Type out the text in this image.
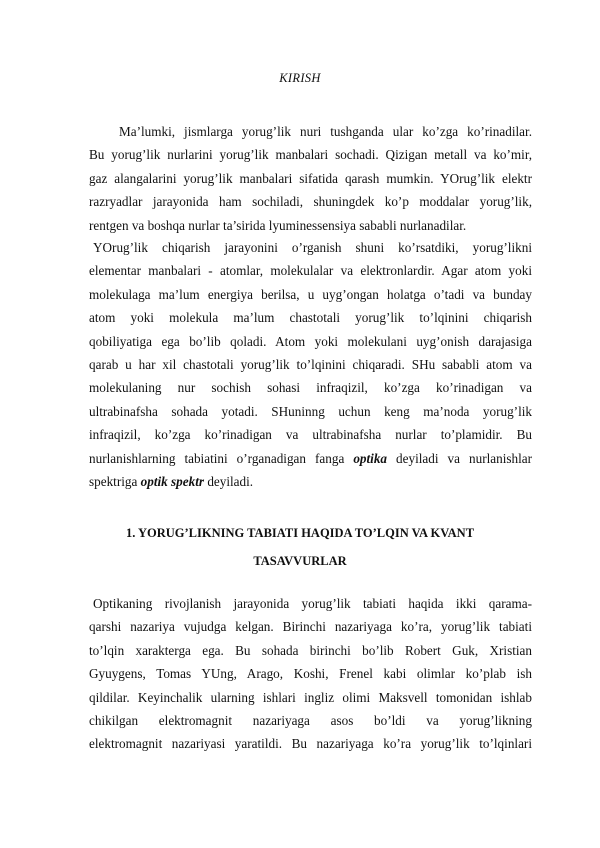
KIRISH
Ma’lumki, jismlarga yorug’lik nuri tushganda ular ko’zga ko’rinadilar.
Bu yorug’lik nurlarini yorug’lik manbalari sochadi. Qizigan metall va ko’mir,
gaz alangalarini yorug’lik manbalari sifatida qarash mumkin. YOrug’lik elektr
razryadlar jarayonida ham sochiladi, shuningdek ko’p moddalar yorug’lik,
rentgen va boshqa nurlar ta’sirida lyuminessensiya sababli nurlanadilar.
YOrug’lik chiqarish jarayonini o’rganish shuni ko’rsatdiki, yorug’likni
elementar manbalari - atomlar, molekulalar va elektronlardir. Agar atom yoki
molekulaga ma’lum energiya berilsa, u uyg’ongan holatga o’tadi va bunday
atom yoki molekula ma’lum chastotali yorug’lik to’lqinini chiqarish
qobiliyatiga ega bo’lib qoladi. Atom yoki molekulani uyg’onish darajasiga
qarab u har xil chastotali yorug’lik to’lqinini chiqaradi. SHu sababli atom va
molekulaning nur sochish sohasi infraqizil, ko’zga ko’rinadigan va
ultrabinafsha sohada yotadi. SHuninng uchun keng ma’noda yorug’lik
infraqizil, ko’zga ko’rinadigan va ultrabinafsha nurlar to’plamidir. Bu
nurlanishlarning tabiatini o’rganadigan fanga optika deyiladi va nurlanishlar
spektriga optik spektr deyiladi.
1. YORUG’LIKNING TABIATI HAQIDA TO’LQIN VA KVANT
TASAVVURLAR
Optikaning rivojlanish jarayonida yorug’lik tabiati haqida ikki qarama-
qarshi nazariya vujudga kelgan. Birinchi nazariyaga ko’ra, yorug’lik tabiati
to’lqin xarakterga ega. Bu sohada birinchi bo’lib Robert Guk, Xristian
Gyuygens, Tomas YUng, Arago, Koshi, Frenel kabi olimlar ko’plab ish
qildilar. Keyinchalik ularning ishlari ingliz olimi Maksvell tomonidan ishlab
chikilgan elektromagnit nazariyaga asos bo’ldi va yorug’likning
elektromagnit nazariyasi yaratildi. Bu nazariyaga ko’ra yorug’lik to’lqinlari
